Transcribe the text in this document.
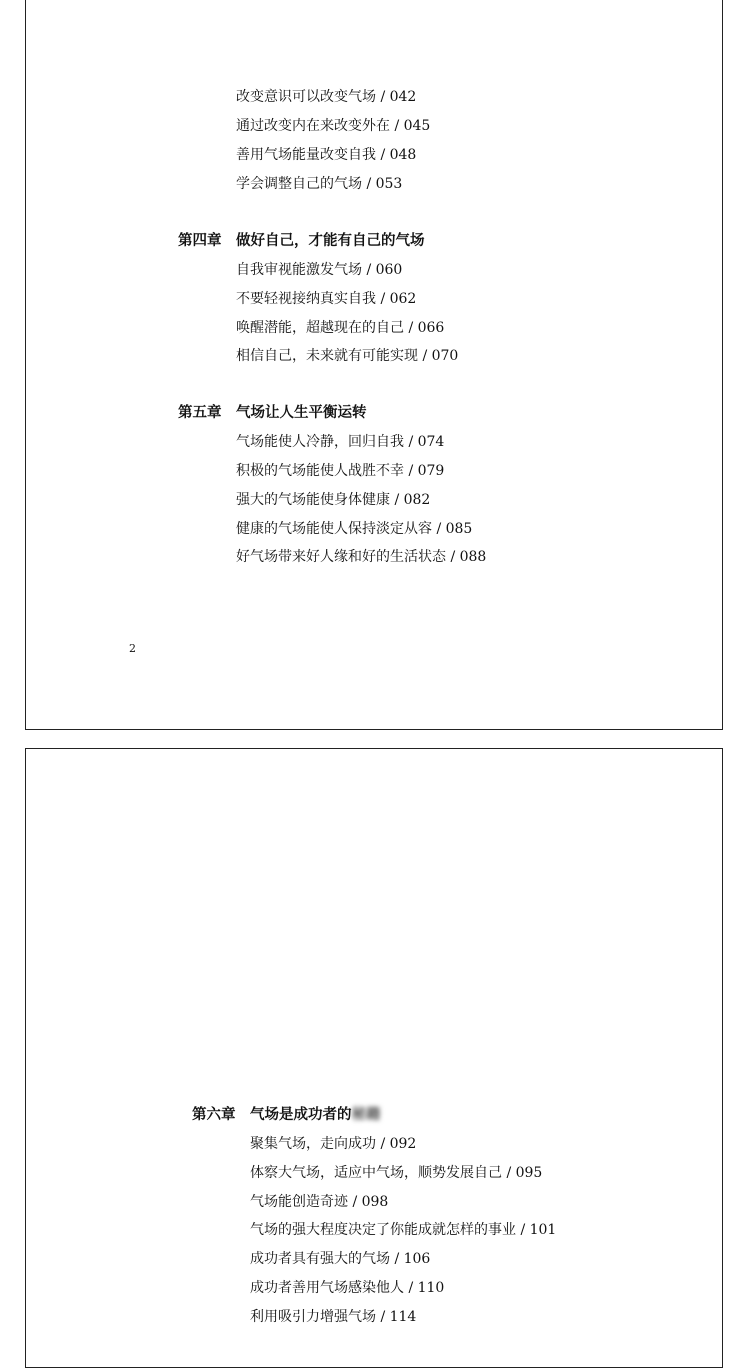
改变意识可以改变气场 / 042
通过改变内在来改变外在 / 045
善用气场能量改变自我 / 048
学会调整自己的气场 / 053
第四章 做好自己，才能有自己的气场
自我审视能激发气场 / 060
不要轻视接纳真实自我 / 062
唤醒潜能，超越现在的自己 / 066
相信自己，未来就有可能实现 / 070
第五章 气场让人生平衡运转
气场能使人冷静，回归自我 / 074
积极的气场能使人战胜不幸 / 079
强大的气场能使身体健康 / 082
健康的气场能使人保持淡定从容 / 085
好气场带来好人缘和好的生活状态 / 088
2
第六章 气场是成功者的秘籍
聚集气场，走向成功 / 092
体察大气场，适应中气场，顺势发展自己 / 095
气场能创造奇迹 / 098
气场的强大程度决定了你能成就怎样的事业 / 101
成功者具有强大的气场 / 106
成功者善用气场感染他人 / 110
利用吸引力增强气场 / 114
